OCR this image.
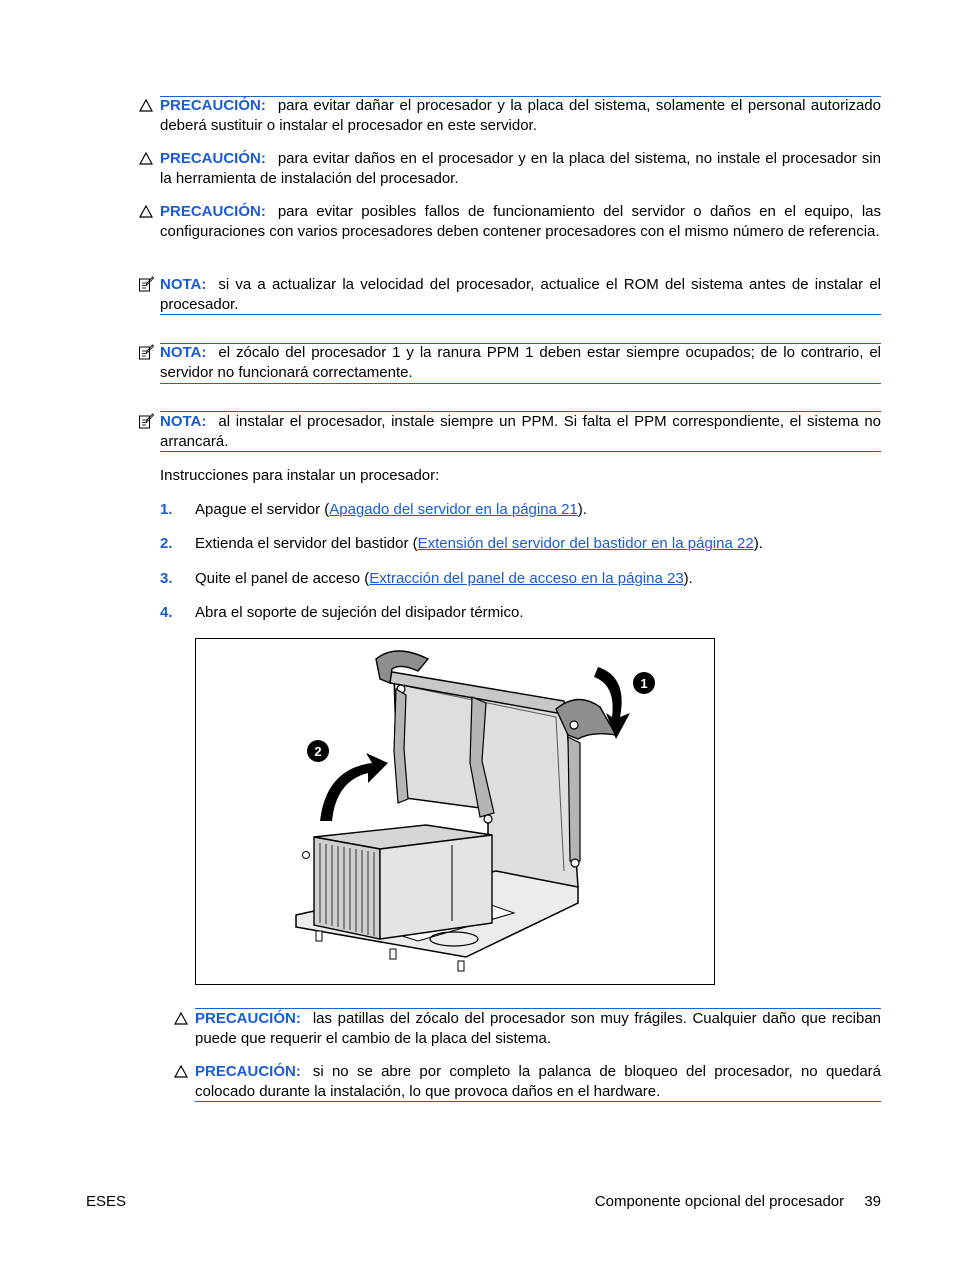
PRECAUCIÓN: para evitar dañar el procesador y la placa del sistema, solamente el personal autorizado deberá sustituir o instalar el procesador en este servidor.
PRECAUCIÓN: para evitar daños en el procesador y en la placa del sistema, no instale el procesador sin la herramienta de instalación del procesador.
PRECAUCIÓN: para evitar posibles fallos de funcionamiento del servidor o daños en el equipo, las configuraciones con varios procesadores deben contener procesadores con el mismo número de referencia.
NOTA: si va a actualizar la velocidad del procesador, actualice el ROM del sistema antes de instalar el procesador.
NOTA: el zócalo del procesador 1 y la ranura PPM 1 deben estar siempre ocupados; de lo contrario, el servidor no funcionará correctamente.
NOTA: al instalar el procesador, instale siempre un PPM. Si falta el PPM correspondiente, el sistema no arrancará.
Instrucciones para instalar un procesador:
1. Apague el servidor (Apagado del servidor en la página 21).
2. Extienda el servidor del bastidor (Extensión del servidor del bastidor en la página 22).
3. Quite el panel de acceso (Extracción del panel de acceso en la página 23).
4. Abra el soporte de sujeción del disipador térmico.
1
2
PRECAUCIÓN: las patillas del zócalo del procesador son muy frágiles. Cualquier daño que reciban puede que requerir el cambio de la placa del sistema.
PRECAUCIÓN: si no se abre por completo la palanca de bloqueo del procesador, no quedará colocado durante la instalación, lo que provoca daños en el hardware.
ESES	Componente opcional del procesador 39
